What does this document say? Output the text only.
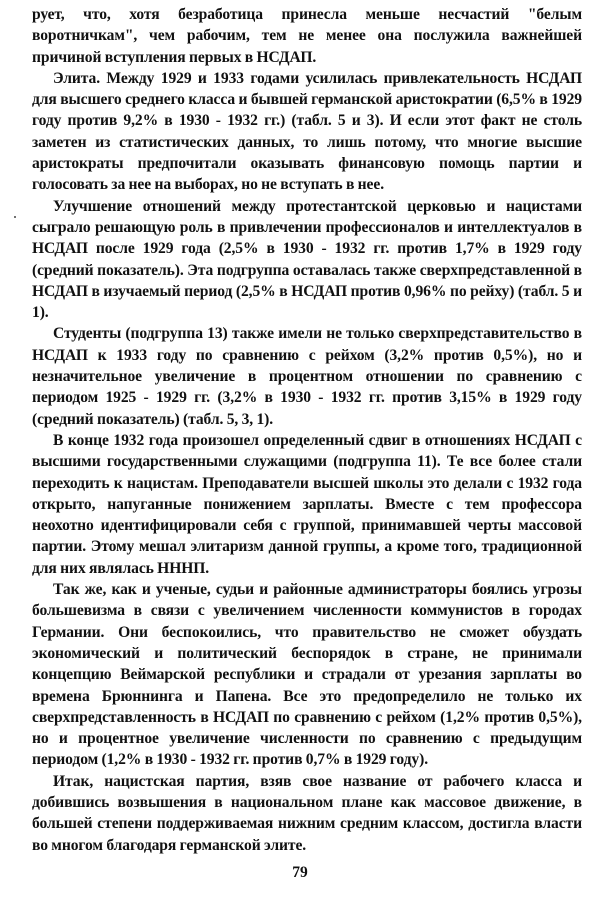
рует, что, хотя безработица принесла меньше несчастий "белым воротничкам", чем рабочим, тем не менее она послужила важнейшей причиной вступления первых в НСДАП.

Элита. Между 1929 и 1933 годами усилилась привлекательность НСДАП для высшего среднего класса и бывшей германской аристократии (6,5% в 1929 году против 9,2% в 1930 - 1932 гг.) (табл. 5 и 3). И если этот факт не столь заметен из статистических данных, то лишь потому, что многие высшие аристократы предпочитали оказывать финансовую помощь партии и голосовать за нее на выборах, но не вступать в нее.

Улучшение отношений между протестантской церковью и нацистами сыграло решающую роль в привлечении профессионалов и интеллектуалов в НСДАП после 1929 года (2,5% в 1930 - 1932 гг. против 1,7% в 1929 году (средний показатель). Эта подгруппа оставалась также сверхпредставленной в НСДАП в изучаемый период (2,5% в НСДАП против 0,96% по рейху) (табл. 5 и 1).

Студенты (подгруппа 13) также имели не только сверхпредставительство в НСДАП к 1933 году по сравнению с рейхом (3,2% против 0,5%), но и незначительное увеличение в процентном отношении по сравнению с периодом 1925 - 1929 гг. (3,2% в 1930 - 1932 гг. против 3,15% в 1929 году (средний показатель) (табл. 5, 3, 1).

В конце 1932 года произошел определенный сдвиг в отношениях НСДАП с высшими государственными служащими (подгруппа 11). Те все более стали переходить к нацистам. Преподаватели высшей школы это делали с 1932 года открыто, напуганные понижением зарплаты. Вместе с тем профессора неохотно идентифицировали себя с группой, принимавшей черты массовой партии. Этому мешал элитаризм данной группы, а кроме того, традиционной для них являлась ННHП.

Так же, как и ученые, судьи и районные администраторы боялись угрозы большевизма в связи с увеличением численности коммунистов в городах Германии. Они беспокоились, что правительство не сможет обуздать экономический и политический беспорядок в стране, не принимали концепцию Веймарской республики и страдали от урезания зарплаты во времена Брюннинга и Папена. Все это предопределило не только их сверхпредставленность в НСДАП по сравнению с рейхом (1,2% против 0,5%), но и процентное увеличение численности по сравнению с предыдущим периодом (1,2% в 1930 - 1932 гг. против 0,7% в 1929 году).

Итак, нацистская партия, взяв свое название от рабочего класса и добившись возвышения в национальном плане как массовое движение, в большей степени поддерживаемая нижним средним классом, достигла власти во многом благодаря германской элите.

79
